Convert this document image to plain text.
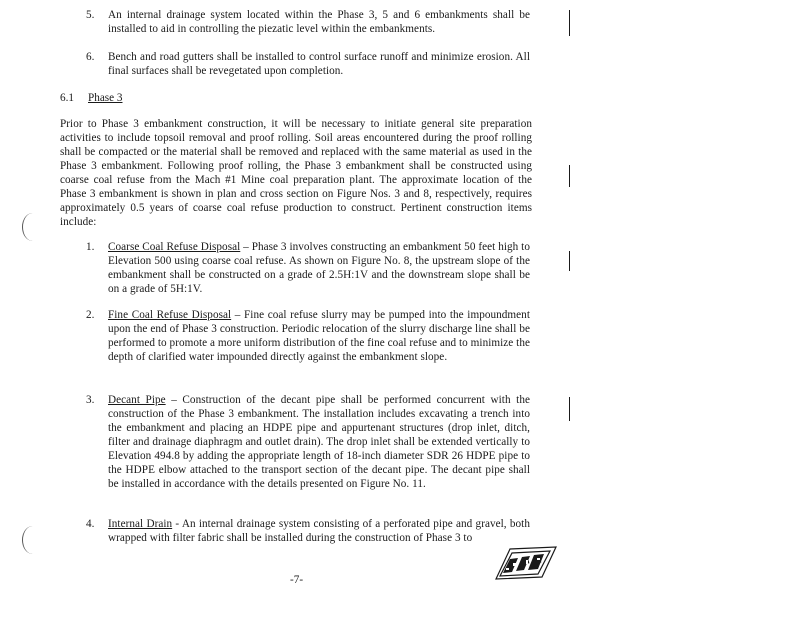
5.	An internal drainage system located within the Phase 3, 5 and 6 embankments shall be installed to aid in controlling the piezatic level within the embankments.
6.	Bench and road gutters shall be installed to control surface runoff and minimize erosion. All final surfaces shall be revegetated upon completion.
6.1 Phase 3
Prior to Phase 3 embankment construction, it will be necessary to initiate general site preparation activities to include topsoil removal and proof rolling. Soil areas encountered during the proof rolling shall be compacted or the material shall be removed and replaced with the same material as used in the Phase 3 embankment. Following proof rolling, the Phase 3 embankment shall be constructed using coarse coal refuse from the Mach #1 Mine coal preparation plant. The approximate location of the Phase 3 embankment is shown in plan and cross section on Figure Nos. 3 and 8, respectively, requires approximately 0.5 years of coarse coal refuse production to construct. Pertinent construction items include:
1.	Coarse Coal Refuse Disposal – Phase 3 involves constructing an embankment 50 feet high to Elevation 500 using coarse coal refuse. As shown on Figure No. 8, the upstream slope of the embankment shall be constructed on a grade of 2.5H:1V and the downstream slope shall be on a grade of 5H:1V.
2.	Fine Coal Refuse Disposal – Fine coal refuse slurry may be pumped into the impoundment upon the end of Phase 3 construction. Periodic relocation of the slurry discharge line shall be performed to promote a more uniform distribution of the fine coal refuse and to minimize the depth of clarified water impounded directly against the embankment slope.
3.	Decant Pipe – Construction of the decant pipe shall be performed concurrent with the construction of the Phase 3 embankment. The installation includes excavating a trench into the embankment and placing an HDPE pipe and appurtenant structures (drop inlet, ditch, filter and drainage diaphragm and outlet drain). The drop inlet shall be extended vertically to Elevation 494.8 by adding the appropriate length of 18-inch diameter SDR 26 HDPE pipe to the HDPE elbow attached to the transport section of the decant pipe. The decant pipe shall be installed in accordance with the details presented on Figure No. 11.
4.	Internal Drain - An internal drainage system consisting of a perforated pipe and gravel, both wrapped with filter fabric shall be installed during the construction of Phase 3 to
-7-
